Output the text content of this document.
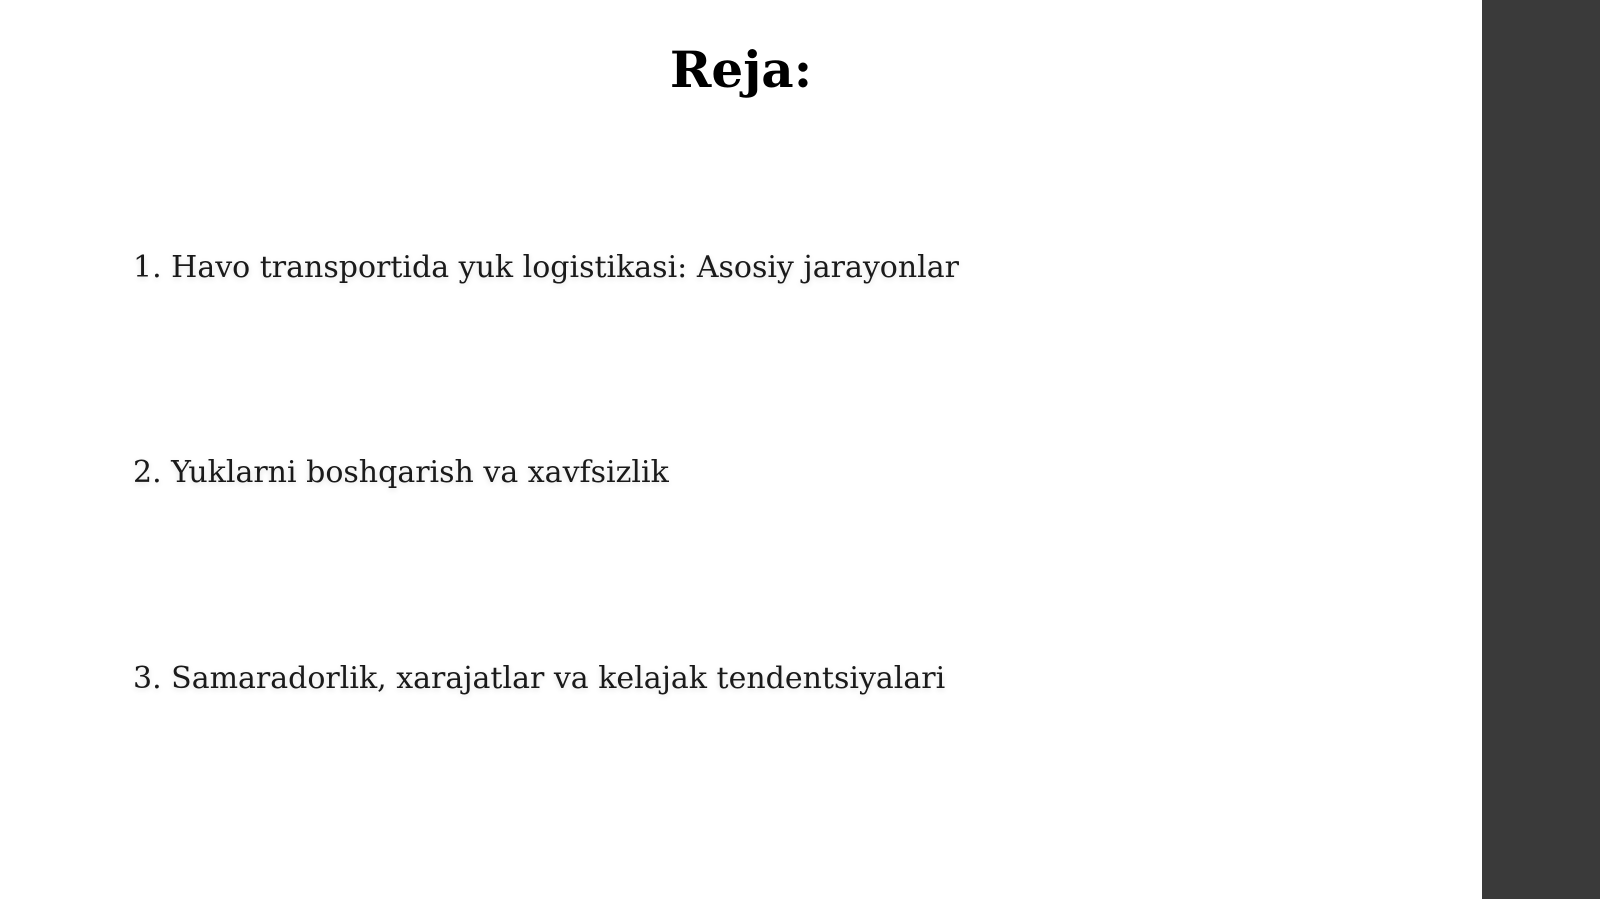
Reja:
1. Havo transportida yuk logistikasi: Asosiy jarayonlar
2. Yuklarni boshqarish va xavfsizlik
3. Samaradorlik, xarajatlar va kelajak tendentsiyalari
